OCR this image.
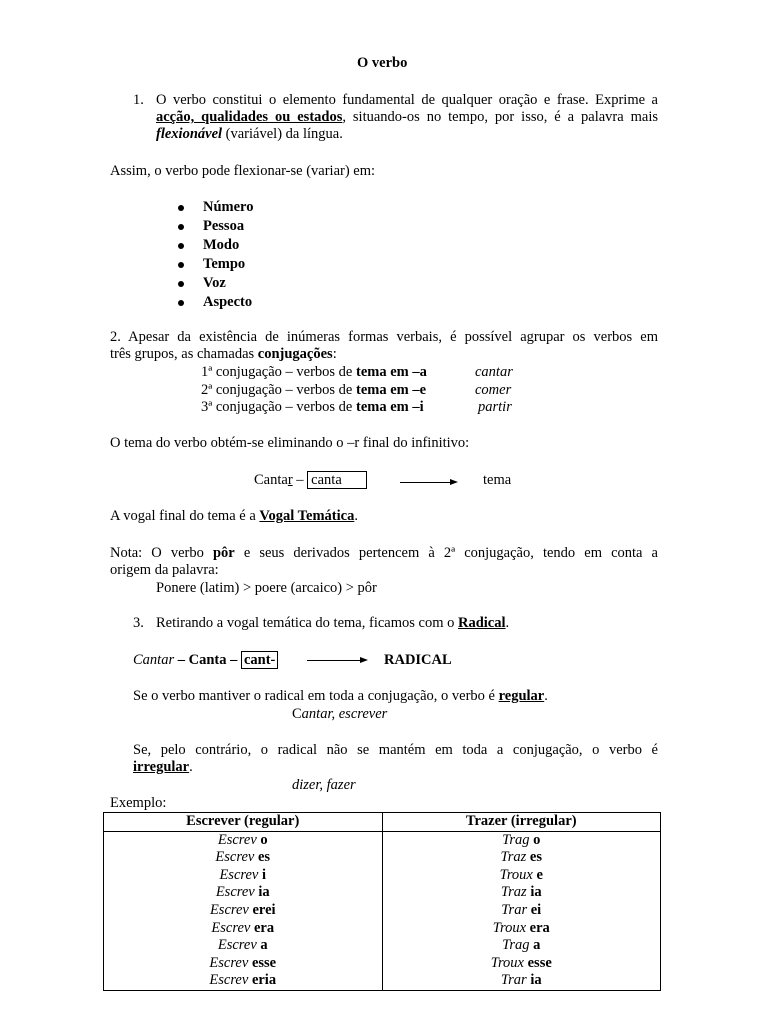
O verbo
1. O verbo constitui o elemento fundamental de qualquer oração e frase. Exprime a
acção, qualidades ou estados, situando-os no tempo, por isso, é a palavra mais
flexionável (variável) da língua.
Assim, o verbo pode flexionar-se (variar) em:
Número
Pessoa
Modo
Tempo
Voz
Aspecto
2. Apesar da existência de inúmeras formas verbais, é possível agrupar os verbos em
três grupos, as chamadas conjugações:
1ª conjugação – verbos de tema em –a	cantar
2ª conjugação – verbos de tema em –e	comer
3ª conjugação – verbos de tema em –i	partir
O tema do verbo obtém-se eliminando o –r final do infinitivo:
Cantar – canta	tema
A vogal final do tema é a Vogal Temática.
Nota: O verbo pôr e seus derivados pertencem à 2ª conjugação, tendo em conta a
origem da palavra:
Ponere (latim) > poere (arcaico) > pôr
3. Retirando a vogal temática do tema, ficamos com o Radical.
Cantar – Canta – cant-	RADICAL
Se o verbo mantiver o radical em toda a conjugação, o verbo é regular.
Cantar, escrever
Se, pelo contrário, o radical não se mantém em toda a conjugação, o verbo é
irregular.
dizer, fazer
Exemplo:
Escrever (regular)	Trazer (irregular)
Escrev o	Trag o
Escrev es	Traz es
Escrev i	Troux e
Escrev ia	Traz ia
Escrev erei	Trar ei
Escrev era	Troux era
Escrev a	Trag a
Escrev esse	Troux esse
Escrev eria	Trar ia
